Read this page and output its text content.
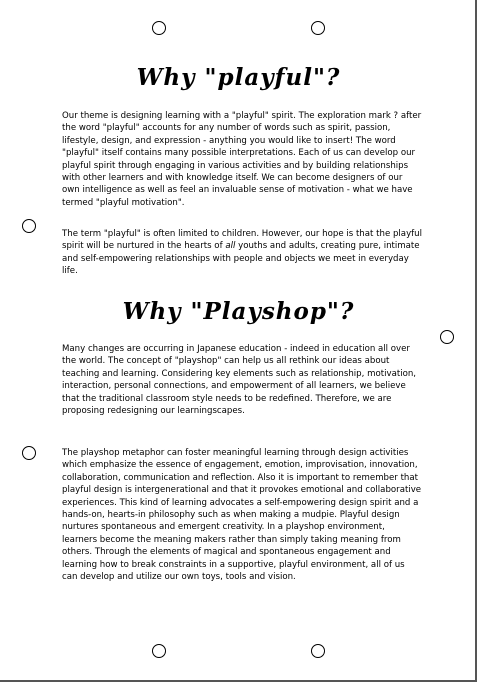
Why "playful"?

Our theme is designing learning with a "playful" spirit. The exploration mark ? after the word "playful" accounts for any number of words such as spirit, passion, lifestyle, design, and expression - anything you would like to insert! The word "playful" itself contains many possible interpretations. Each of us can develop our playful spirit through engaging in various activities and by building relationships with other learners and with knowledge itself. We can become designers of our own intelligence as well as feel an invaluable sense of motivation - what we have termed "playful motivation".

The term "playful" is often limited to children. However, our hope is that the playful spirit will be nurtured in the hearts of all youths and adults, creating pure, intimate and self-empowering relationships with people and objects we meet in everyday life.

Why "Playshop"?

Many changes are occurring in Japanese education - indeed in education all over the world. The concept of "playshop" can help us all rethink our ideas about teaching and learning. Considering key elements such as relationship, motivation, interaction, personal connections, and empowerment of all learners, we believe that the traditional classroom style needs to be redefined. Therefore, we are proposing redesigning our learningscapes.

The playshop metaphor can foster meaningful learning through design activities which emphasize the essence of engagement, emotion, improvisation, innovation, collaboration, communication and reflection. Also it is important to remember that playful design is intergenerational and that it provokes emotional and collaborative experiences. This kind of learning advocates a self-empowering design spirit and a hands-on, hearts-in philosophy such as when making a mudpie. Playful design nurtures spontaneous and emergent creativity. In a playshop environment, learners become the meaning makers rather than simply taking meaning from others. Through the elements of magical and spontaneous engagement and learning how to break constraints in a supportive, playful environment, all of us can develop and utilize our own toys, tools and vision.
